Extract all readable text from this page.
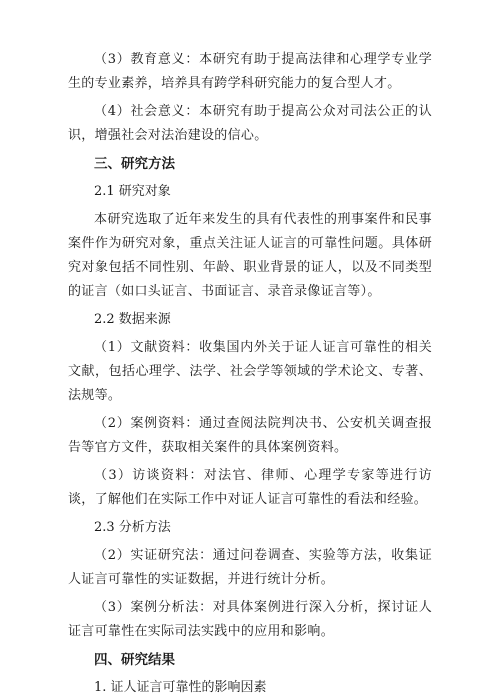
（3）教育意义：本研究有助于提高法律和心理学专业学生的专业素养，培养具有跨学科研究能力的复合型人才。

（4）社会意义：本研究有助于提高公众对司法公正的认识，增强社会对法治建设的信心。

三、研究方法
2.1 研究对象

本研究选取了近年来发生的具有代表性的刑事案件和民事案件作为研究对象，重点关注证人证言的可靠性问题。具体研究对象包括不同性别、年龄、职业背景的证人，以及不同类型的证言（如口头证言、书面证言、录音录像证言等）。

2.2 数据来源

（1）文献资料：收集国内外关于证人证言可靠性的相关文献，包括心理学、法学、社会学等领域的学术论文、专著、法规等。

（2）案例资料：通过查阅法院判决书、公安机关调查报告等官方文件，获取相关案件的具体案例资料。

（3）访谈资料：对法官、律师、心理学专家等进行访谈，了解他们在实际工作中对证人证言可靠性的看法和经验。

2.3 分析方法

（2）实证研究法：通过问卷调查、实验等方法，收集证人证言可靠性的实证数据，并进行统计分析。

（3）案例分析法：对具体案例进行深入分析，探讨证人证言可靠性在实际司法实践中的应用和影响。

四、研究结果
1. 证人证言可靠性的影响因素
